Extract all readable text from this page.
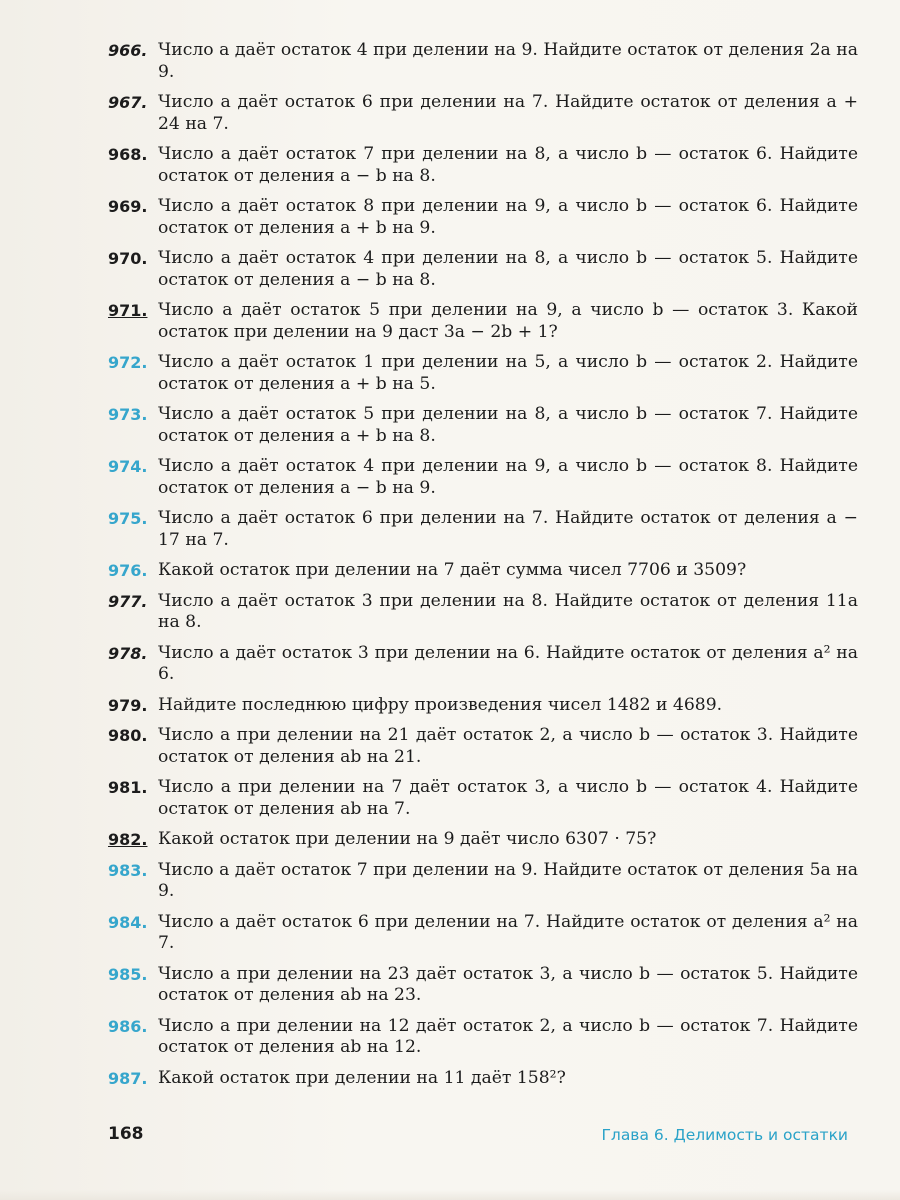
966. Число a даёт остаток 4 при делении на 9. Найдите остаток от деления 2a на 9.
967. Число a даёт остаток 6 при делении на 7. Найдите остаток от деления a + 24 на 7.
968. Число a даёт остаток 7 при делении на 8, а число b — остаток 6. Найдите остаток от деления a − b на 8.
969. Число a даёт остаток 8 при делении на 9, а число b — остаток 6. Найдите остаток от деления a + b на 9.
970. Число a даёт остаток 4 при делении на 8, а число b — остаток 5. Найдите остаток от деления a − b на 8.
971. Число a даёт остаток 5 при делении на 9, а число b — остаток 3. Какой остаток при делении на 9 даст 3a − 2b + 1?
972. Число a даёт остаток 1 при делении на 5, а число b — остаток 2. Найдите остаток от деления a + b на 5.
973. Число a даёт остаток 5 при делении на 8, а число b — остаток 7. Найдите остаток от деления a + b на 8.
974. Число a даёт остаток 4 при делении на 9, а число b — остаток 8. Найдите остаток от деления a − b на 9.
975. Число a даёт остаток 6 при делении на 7. Найдите остаток от деления a − 17 на 7.
976. Какой остаток при делении на 7 даёт сумма чисел 7706 и 3509?
977. Число a даёт остаток 3 при делении на 8. Найдите остаток от деления 11a на 8.
978. Число a даёт остаток 3 при делении на 6. Найдите остаток от деления a² на 6.
979. Найдите последнюю цифру произведения чисел 1482 и 4689.
980. Число a при делении на 21 даёт остаток 2, а число b — остаток 3. Найдите остаток от деления ab на 21.
981. Число a при делении на 7 даёт остаток 3, а число b — остаток 4. Найдите остаток от деления ab на 7.
982. Какой остаток при делении на 9 даёт число 6307 · 75?
983. Число a даёт остаток 7 при делении на 9. Найдите остаток от деления 5a на 9.
984. Число a даёт остаток 6 при делении на 7. Найдите остаток от деления a² на 7.
985. Число a при делении на 23 даёт остаток 3, а число b — остаток 5. Найдите остаток от деления ab на 23.
986. Число a при делении на 12 даёт остаток 2, а число b — остаток 7. Найдите остаток от деления ab на 12.
987. Какой остаток при делении на 11 даёт 158²?
168	Глава 6. Делимость и остатки
